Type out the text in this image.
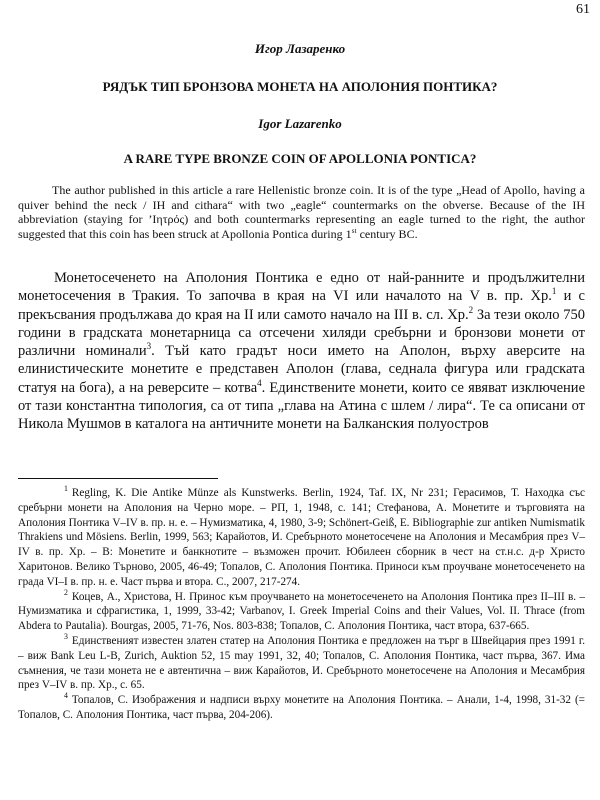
61
Игор Лазаренко
РЯДЪК ТИП БРОНЗОВА МОНЕТА НА АПОЛОНИЯ ПОНТИКА?
Igor Lazarenko
A RARE TYPE BRONZE COIN OF APOLLONIA PONTICA?

The author published in this article a rare Hellenistic bronze coin. It is of the type „Head of Apollo, having a quiver behind the neck / IH and cithara“ with two „eagle“ countermarks on the obverse. Because of the IH abbreviation (staying for ’Ιητρός) and both countermarks representing an eagle turned to the right, the author suggested that this coin has been struck at Apollonia Pontica during 1st century BC.

Монетосеченето на Аполония Понтика е едно от най-ранните и продължителни монетосечения в Тракия. То започва в края на VI или началото на V в. пр. Хр.$^1$ и с прекъсвания продължава до края на II или самото начало на III в. сл. Хр.$^2$ За тези около 750 години в градската монетарница са отсечени хиляди сребърни и бронзови монети от различни номинали$^3$. Тъй като градът носи името на Аполон, върху аверсите на елинистическите монетите е представен Аполон (глава, седнала фигура или градската статуя на бога), а на реверсите – котва$^4$. Единствените монети, които се явяват изключение от тази константна типология, са от типа „глава на Атина с шлем / лира“. Те са описани от Никола Мушмов в каталога на античните монети на Балканския полуостров

$^1$ Regling, K. Die Antike Münze als Kunstwerks. Berlin, 1924, Taf. IX, Nr 231; Герасимов, Т. Находка със сребърни монети на Аполония на Черно море. – PП, 1, 1948, с. 141; Стефанова, А. Монетите и търговията на Аполония Понтика V–IV в. пр. н. е. – Нумизматика, 4, 1980, 3-9; Schönert-Geiß, E. Bibliographie zur antiken Numismatik Thrakiens und Mösiens. Berlin, 1999, 563; Карайотов, И. Сребърното монетосечене на Аполония и Месамбрия през V–IV в. пр. Хр. – В: Монетите и банкнотите – възможен прочит. Юбилеен сборник в чест на ст.н.с. д-р Христо Харитонов. Велико Търново, 2005, 46-49; Топалов, С. Аполония Понтика. Приноси към проучване монетосеченето на града VI–I в. пр. н. е. Част първа и втора. С., 2007, 217-274.

$^2$ Коцев, А., Христова, Н. Принос към проучването на монетосеченето на Аполония Понтика през II–III в. – Нумизматика и сфрагистика, 1, 1999, 33-42; Varbanov, I. Greek Imperial Coins and their Values, Vol. II. Thrace (from Abdera to Pautalia). Bourgas, 2005, 71-76, Nos. 803-838; Топалов, С. Аполония Понтика, част втора, 637-665.

$^3$ Единственият известен златен статер на Аполония Понтика е предложен на търг в Швейцария през 1991 г. – виж Bank Leu L-B, Zurich, Auktion 52, 15 may 1991, 32, 40; Топалов, С. Аполония Понтика, част първа, 367. Има съмнения, че тази монета не е автентична – виж Карайотов, И. Сребърното монетосечене на Аполония и Месамбрия през V–IV в. пр. Хр., с. 65.

$^4$ Топалов, С. Изображения и надписи върху монетите на Аполония Понтика. – Анали, 1-4, 1998, 31-32 (= Топалов, С. Аполония Понтика, част първа, 204-206).
